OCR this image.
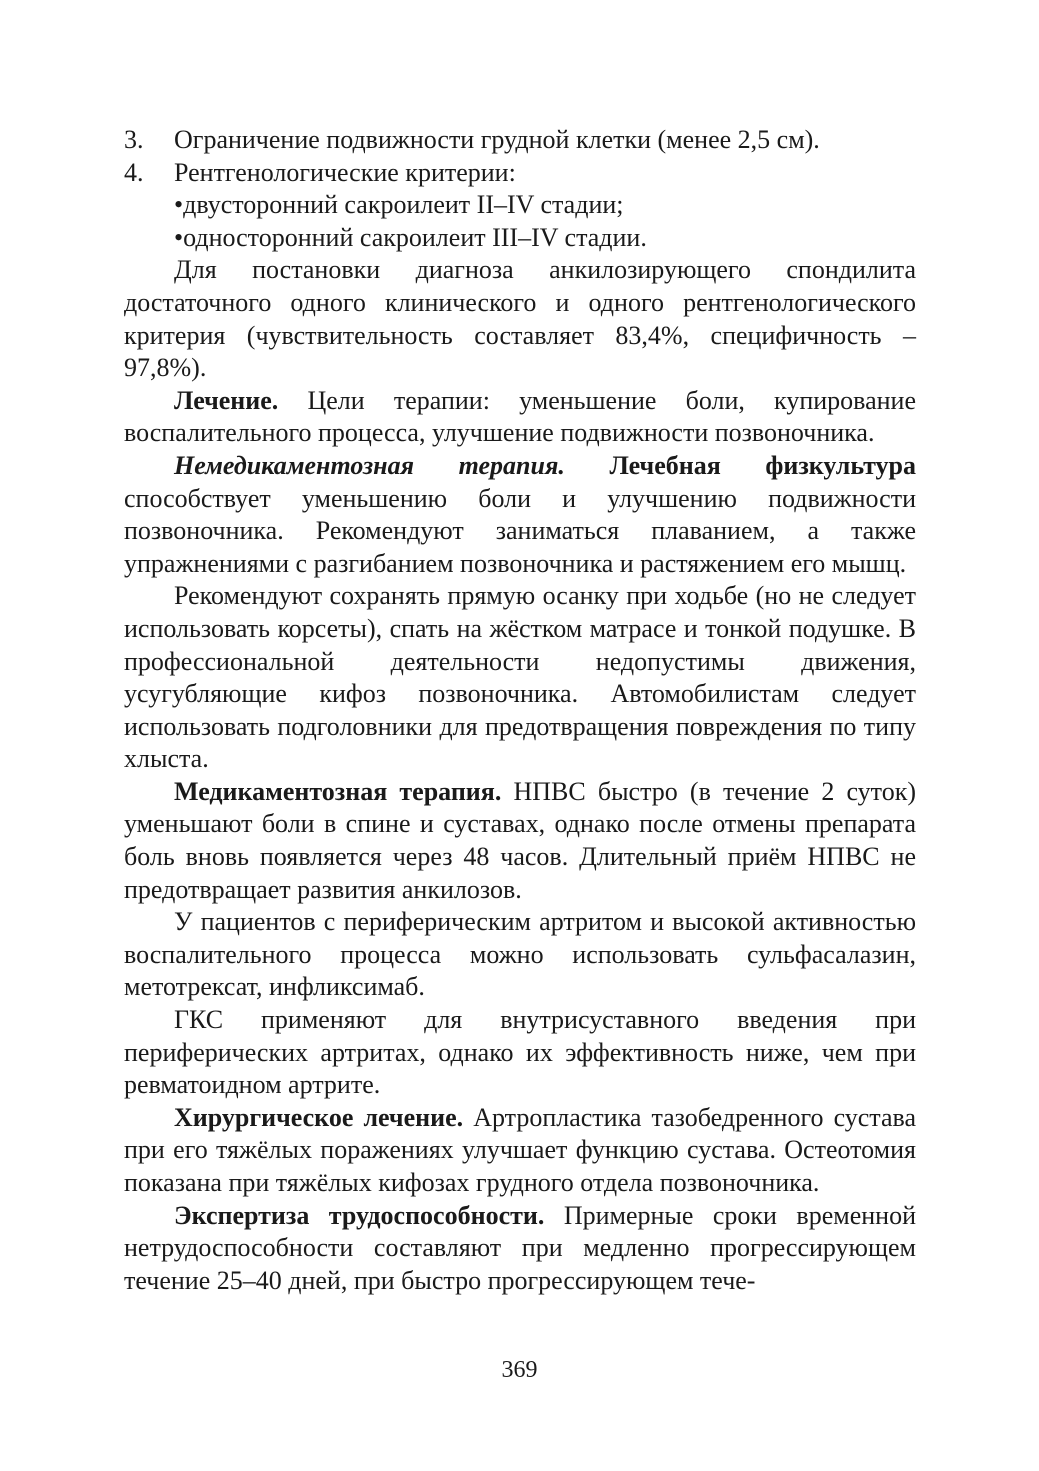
3.	Ограничение подвижности грудной клетки (менее 2,5 см).
4.	Рентгенологические критерии:
•двусторонний сакроилеит II–IV стадии;
•односторонний сакроилеит III–IV стадии.

Для постановки диагноза анкилозирующего спондилита достаточного одного клинического и одного рентгенологического критерия (чувствительность составляет 83,4%, специфичность – 97,8%).

Лечение. Цели терапии: уменьшение боли, купирование воспалительного процесса, улучшение подвижности позвоночника.

Немедикаментозная терапия. Лечебная физкультура способствует уменьшению боли и улучшению подвижности позвоночника. Рекомендуют заниматься плаванием, а также упражнениями с разгибанием позвоночника и растяжением его мышц.

Рекомендуют сохранять прямую осанку при ходьбе (но не следует использовать корсеты), спать на жёстком матрасе и тонкой подушке. В профессиональной деятельности недопустимы движения, усугубляющие кифоз позвоночника. Автомобилистам следует использовать подголовники для предотвращения повреждения по типу хлыста.

Медикаментозная терапия. НПВС быстро (в течение 2 суток) уменьшают боли в спине и суставах, однако после отмены препарата боль вновь появляется через 48 часов. Длительный приём НПВС не предотвращает развития анкилозов.

У пациентов с периферическим артритом и высокой активностью воспалительного процесса можно использовать сульфасалазин, метотрексат, инфликсимаб.

ГКС применяют для внутрисуставного введения при периферических артритах, однако их эффективность ниже, чем при ревматоидном артрите.

Хирургическое лечение. Артропластика тазобедренного сустава при его тяжёлых поражениях улучшает функцию сустава. Остеотомия показана при тяжёлых кифозах грудного отдела позвоночника.

Экспертиза трудоспособности. Примерные сроки временной нетрудоспособности составляют при медленно прогрессирующем течение 25–40 дней, при быстро прогрессирующем тече-

369
